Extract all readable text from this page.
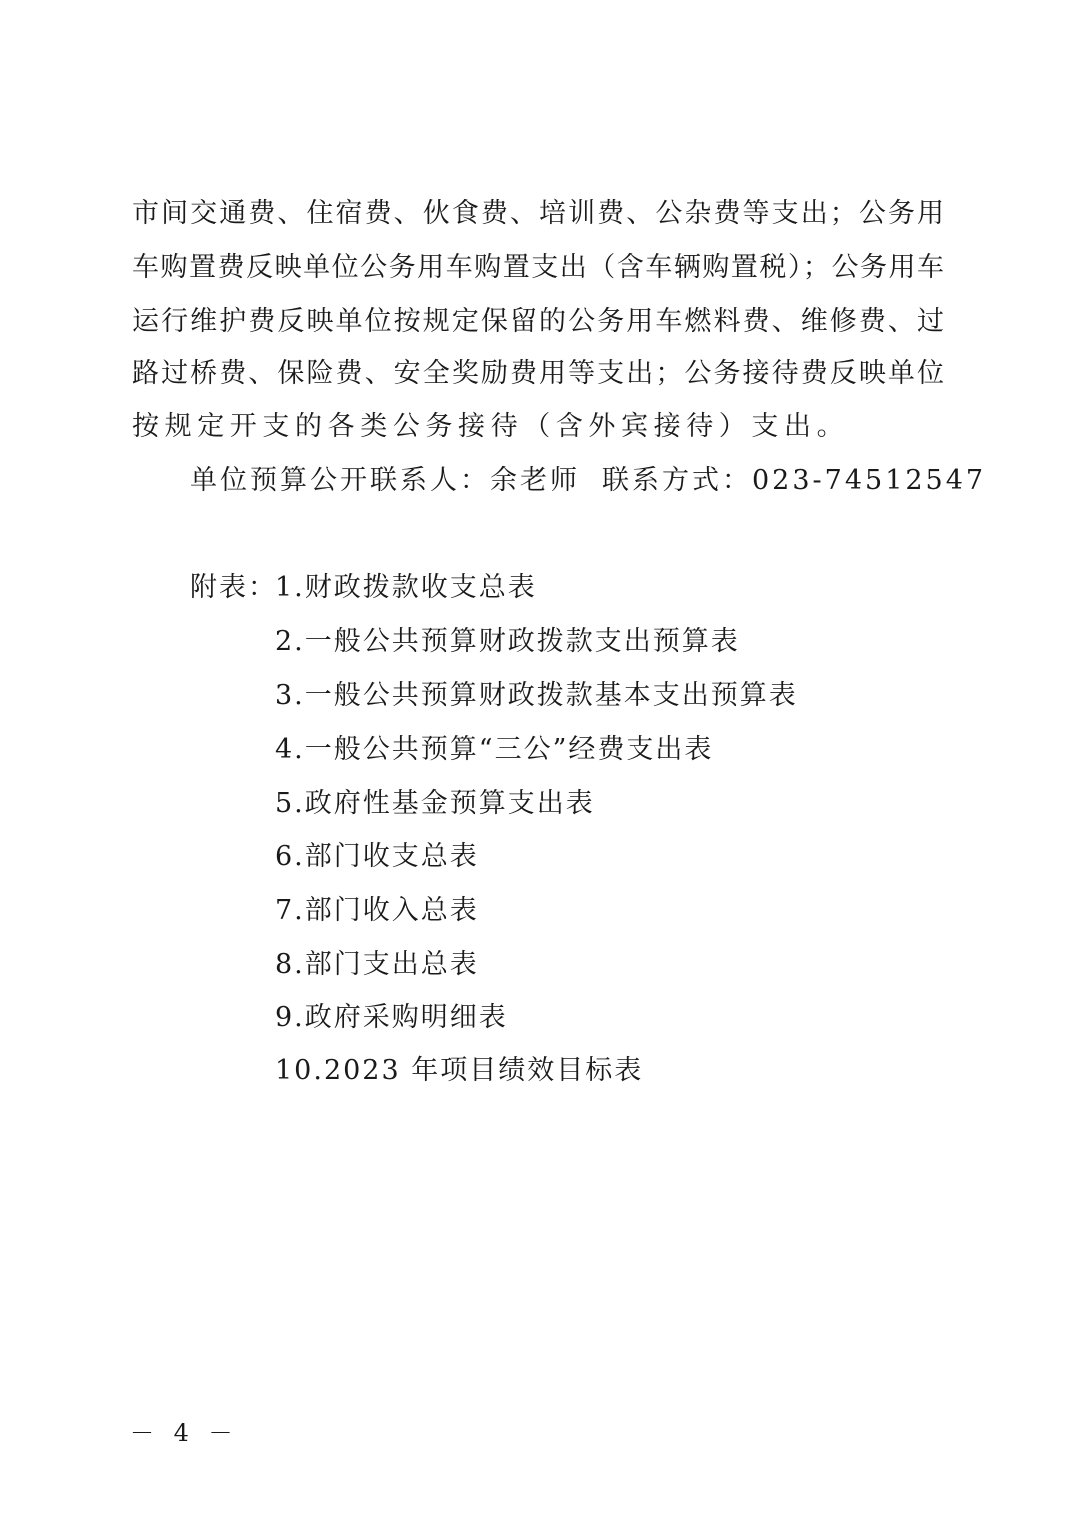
市间交通费、住宿费、伙食费、培训费、公杂费等支出；公务用
车购置费反映单位公务用车购置支出（含车辆购置税）；公务用车
运行维护费反映单位按规定保留的公务用车燃料费、维修费、过
路过桥费、保险费、安全奖励费用等支出；公务接待费反映单位
按规定开支的各类公务接待（含外宾接待）支出。
单位预算公开联系人：余老师 联系方式：023-74512547
附表：
1.财政拨款收支总表
2.一般公共预算财政拨款支出预算表
3.一般公共预算财政拨款基本支出预算表
4.一般公共预算“三公”经费支出表
5.政府性基金预算支出表
6.部门收支总表
7.部门收入总表
8.部门支出总表
9.政府采购明细表
10.2023 年项目绩效目标表
－ 4 －
